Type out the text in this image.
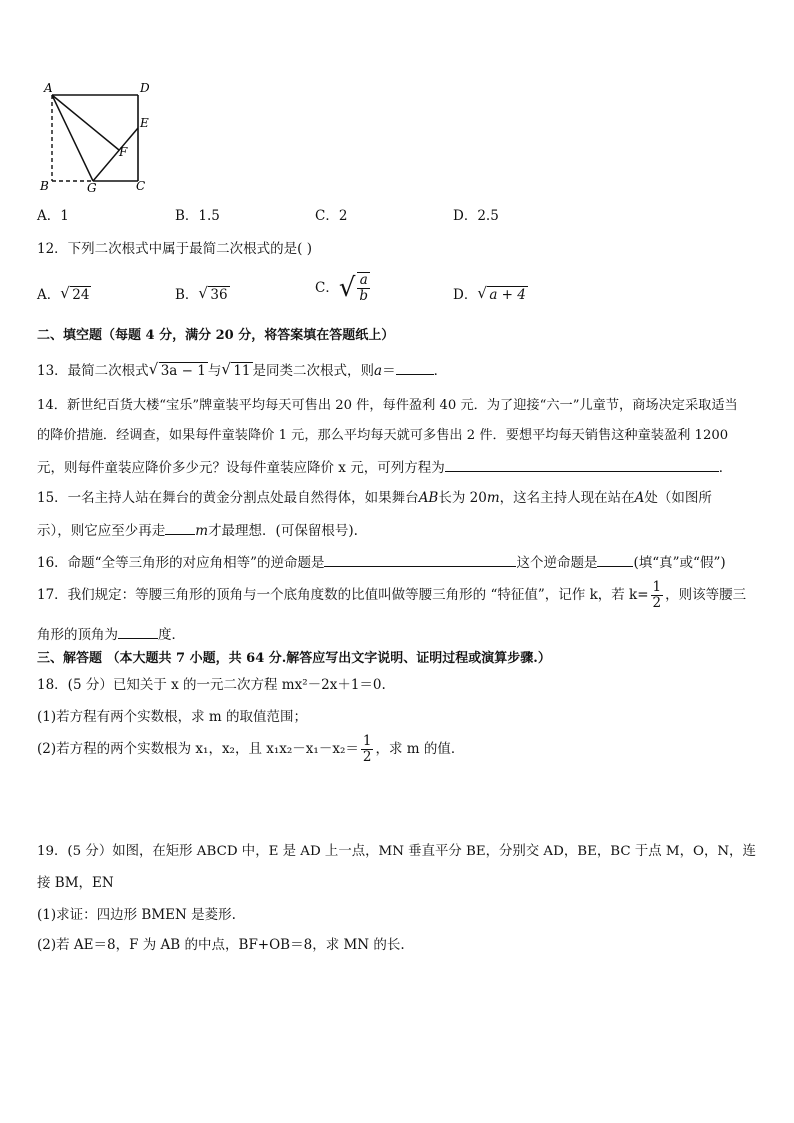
A	D
E
F
B	G	C
A．1	B．1.5	C．2	D．2.5
12．下列二次根式中属于最简二次根式的是( )
A． √ 24	B． √ 36	C．√ $\frac{a}{b}$	D． √ a + 4
二、填空题（每题 4 分，满分 20 分，将答案填在答题纸上）
13．最简二次根式 √ 3a − 1 与 √ 11 是同类二次根式，则a＝	．
14．新世纪百货大楼“宝乐”牌童装平均每天可售出 20 件，每件盈利 40 元．为了迎接“六一”儿童节，商场决定采取适当
的降价措施．经调查，如果每件童装降价 1 元，那么平均每天就可多售出 2 件．要想平均每天销售这种童装盈利 1200
元，则每件童装应降价多少元？设每件童装应降价 x 元，可列方程为	．
15．一名主持人站在舞台的黄金分割点处最自然得体，如果舞台AB长为 20m，这名主持人现在站在A处（如图所
示），则它应至少再走 m才最理想．(可保留根号).
16．命题“全等三角形的对应角相等”的逆命题是	这个逆命题是	(填“真”或“假”)
17．我们规定：等腰三角形的顶角与一个底角度数的比值叫做等腰三角形的 “特征值”，记作 k，若 $k= \frac{1}{2}$ ，则该等腰三
角形的顶角为	度．
三、解答题 （本大题共 7 小题，共 64 分.解答应写出文字说明、证明过程或演算步骤.）
18．(5 分）已知关于 x 的一元二次方程 mx²－2x＋1＝0.
(1)若方程有两个实数根，求 m 的取值范围；
(2)若方程的两个实数根为 x₁，x₂，且 $x_1x_2-x_1-x_2= \frac{1}{2}$ ，求 m 的值．
19．(5 分）如图，在矩形 ABCD 中，E 是 AD 上一点，MN 垂直平分 BE，分别交 AD，BE，BC 于点 M，O，N，连
接 BM，EN
(1)求证：四边形 BMEN 是菱形.
(2)若 AE＝8，F 为 AB 的中点，BF+OB＝8，求 MN 的长.
